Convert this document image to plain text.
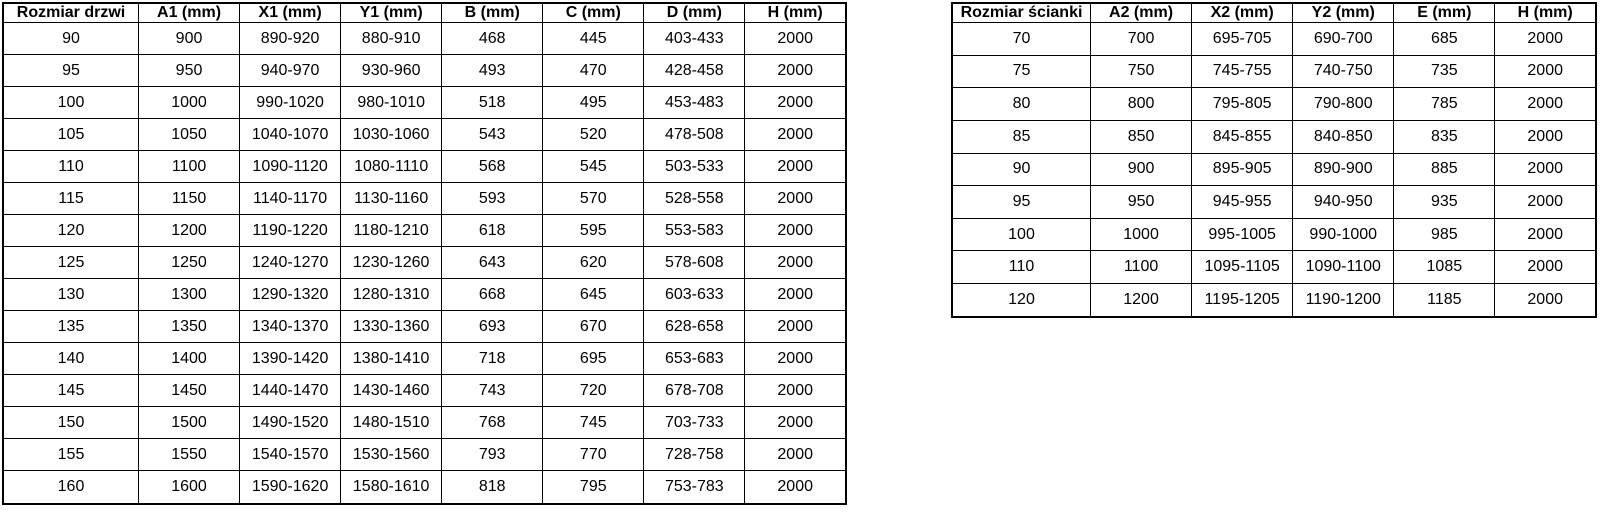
Rozmiar drzwi	A1 (mm)	X1 (mm)	Y1 (mm)	B (mm)	C (mm)	D (mm)	H (mm)
90	900	890-920	880-910	468	445	403-433	2000
95	950	940-970	930-960	493	470	428-458	2000
100	1000	990-1020	980-1010	518	495	453-483	2000
105	1050	1040-1070	1030-1060	543	520	478-508	2000
110	1100	1090-1120	1080-1110	568	545	503-533	2000
115	1150	1140-1170	1130-1160	593	570	528-558	2000
120	1200	1190-1220	1180-1210	618	595	553-583	2000
125	1250	1240-1270	1230-1260	643	620	578-608	2000
130	1300	1290-1320	1280-1310	668	645	603-633	2000
135	1350	1340-1370	1330-1360	693	670	628-658	2000
140	1400	1390-1420	1380-1410	718	695	653-683	2000
145	1450	1440-1470	1430-1460	743	720	678-708	2000
150	1500	1490-1520	1480-1510	768	745	703-733	2000
155	1550	1540-1570	1530-1560	793	770	728-758	2000
160	1600	1590-1620	1580-1610	818	795	753-783	2000
Rozmiar ścianki	A2 (mm)	X2 (mm)	Y2 (mm)	E (mm)	H (mm)
70	700	695-705	690-700	685	2000
75	750	745-755	740-750	735	2000
80	800	795-805	790-800	785	2000
85	850	845-855	840-850	835	2000
90	900	895-905	890-900	885	2000
95	950	945-955	940-950	935	2000
100	1000	995-1005	990-1000	985	2000
110	1100	1095-1105	1090-1100	1085	2000
120	1200	1195-1205	1190-1200	1185	2000
